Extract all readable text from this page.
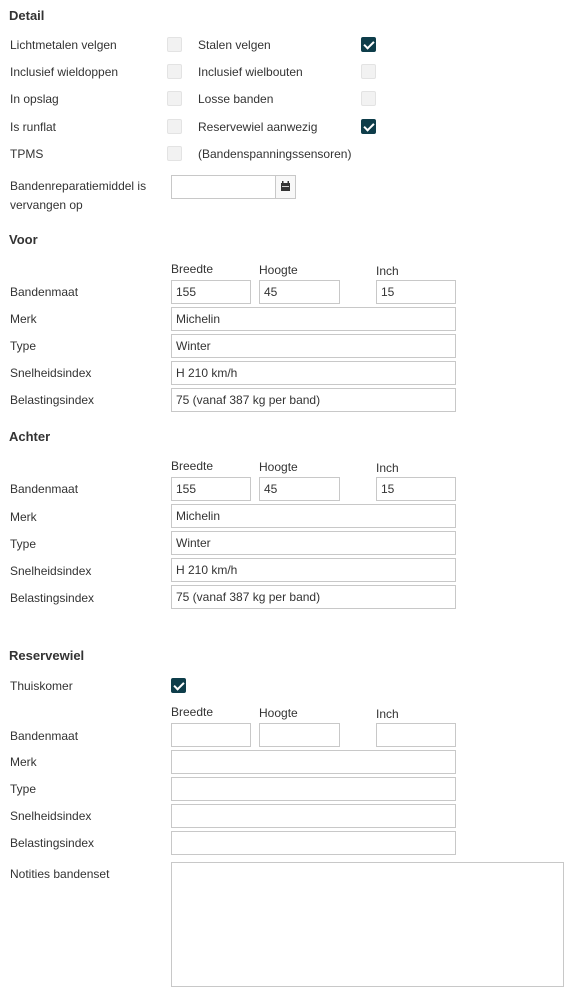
Detail
Lichtmetalen velgen	Stalen velgen
Inclusief wieldoppen	Inclusief wielbouten
In opslag	Losse banden
Is runflat	Reservewiel aanwezig
TPMS	(Bandenspanningssensoren)
Bandenreparatiemiddel is
vervangen op
Voor
Breedte	Hoogte	Inch
Bandenmaat	155	45	15
Merk	Michelin
Type	Winter
Snelheidsindex	H 210 km/h
Belastingsindex	75 (vanaf 387 kg per band)
Achter
Breedte	Hoogte	Inch
Bandenmaat	155	45	15
Merk	Michelin
Type	Winter
Snelheidsindex	H 210 km/h
Belastingsindex	75 (vanaf 387 kg per band)
Reservewiel
Thuiskomer
Breedte	Hoogte	Inch
Bandenmaat
Merk
Type
Snelheidsindex
Belastingsindex
Notities bandenset
